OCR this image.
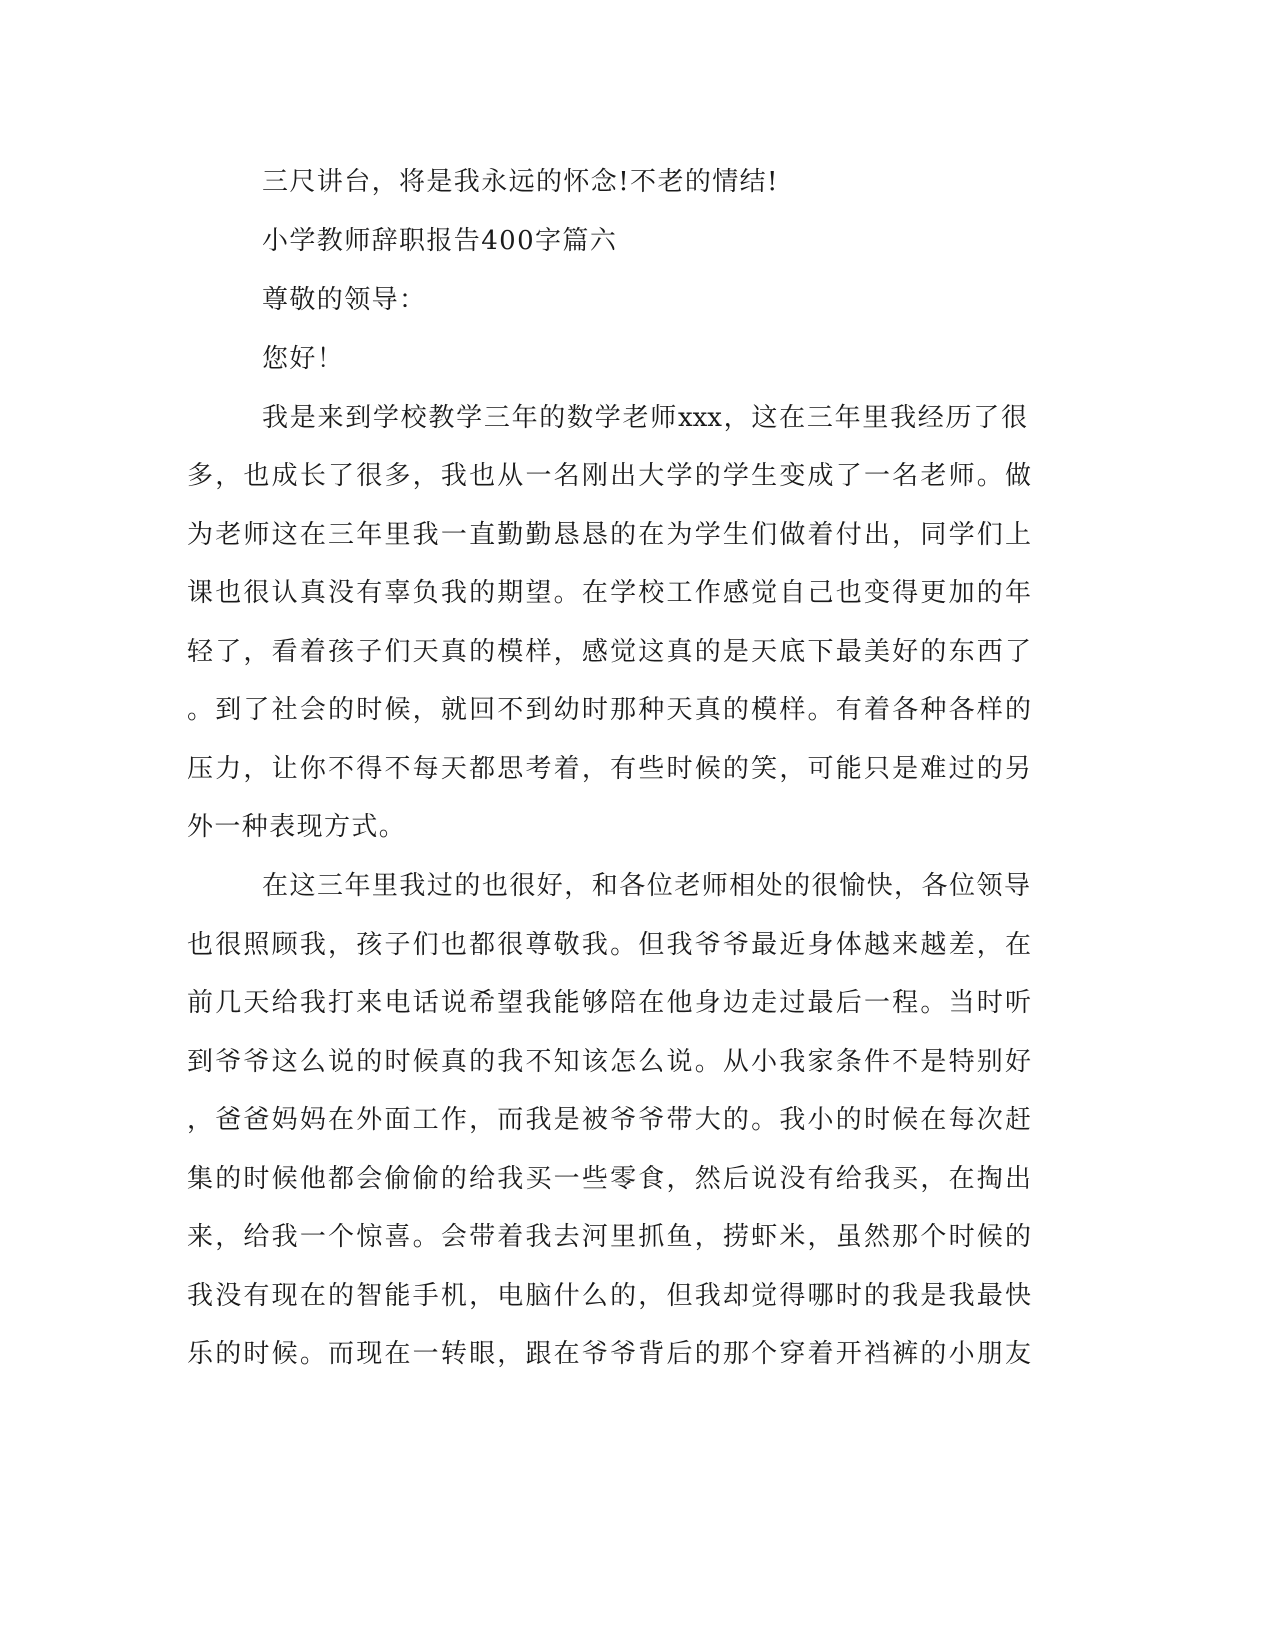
三尺讲台，将是我永远的怀念!不老的情结!
小学教师辞职报告400字篇六
尊敬的领导：
您好！
我是来到学校教学三年的数学老师xxx，这在三年里我经历了很
多，也成长了很多，我也从一名刚出大学的学生变成了一名老师。做
为老师这在三年里我一直勤勤恳恳的在为学生们做着付出，同学们上
课也很认真没有辜负我的期望。在学校工作感觉自己也变得更加的年
轻了，看着孩子们天真的模样，感觉这真的是天底下最美好的东西了
。到了社会的时候，就回不到幼时那种天真的模样。有着各种各样的
压力，让你不得不每天都思考着，有些时候的笑，可能只是难过的另
外一种表现方式。
在这三年里我过的也很好，和各位老师相处的很愉快，各位领导
也很照顾我，孩子们也都很尊敬我。但我爷爷最近身体越来越差，在
前几天给我打来电话说希望我能够陪在他身边走过最后一程。当时听
到爷爷这么说的时候真的我不知该怎么说。从小我家条件不是特别好
，爸爸妈妈在外面工作，而我是被爷爷带大的。我小的时候在每次赶
集的时候他都会偷偷的给我买一些零食，然后说没有给我买，在掏出
来，给我一个惊喜。会带着我去河里抓鱼，捞虾米，虽然那个时候的
我没有现在的智能手机，电脑什么的，但我却觉得哪时的我是我最快
乐的时候。而现在一转眼，跟在爷爷背后的那个穿着开裆裤的小朋友
